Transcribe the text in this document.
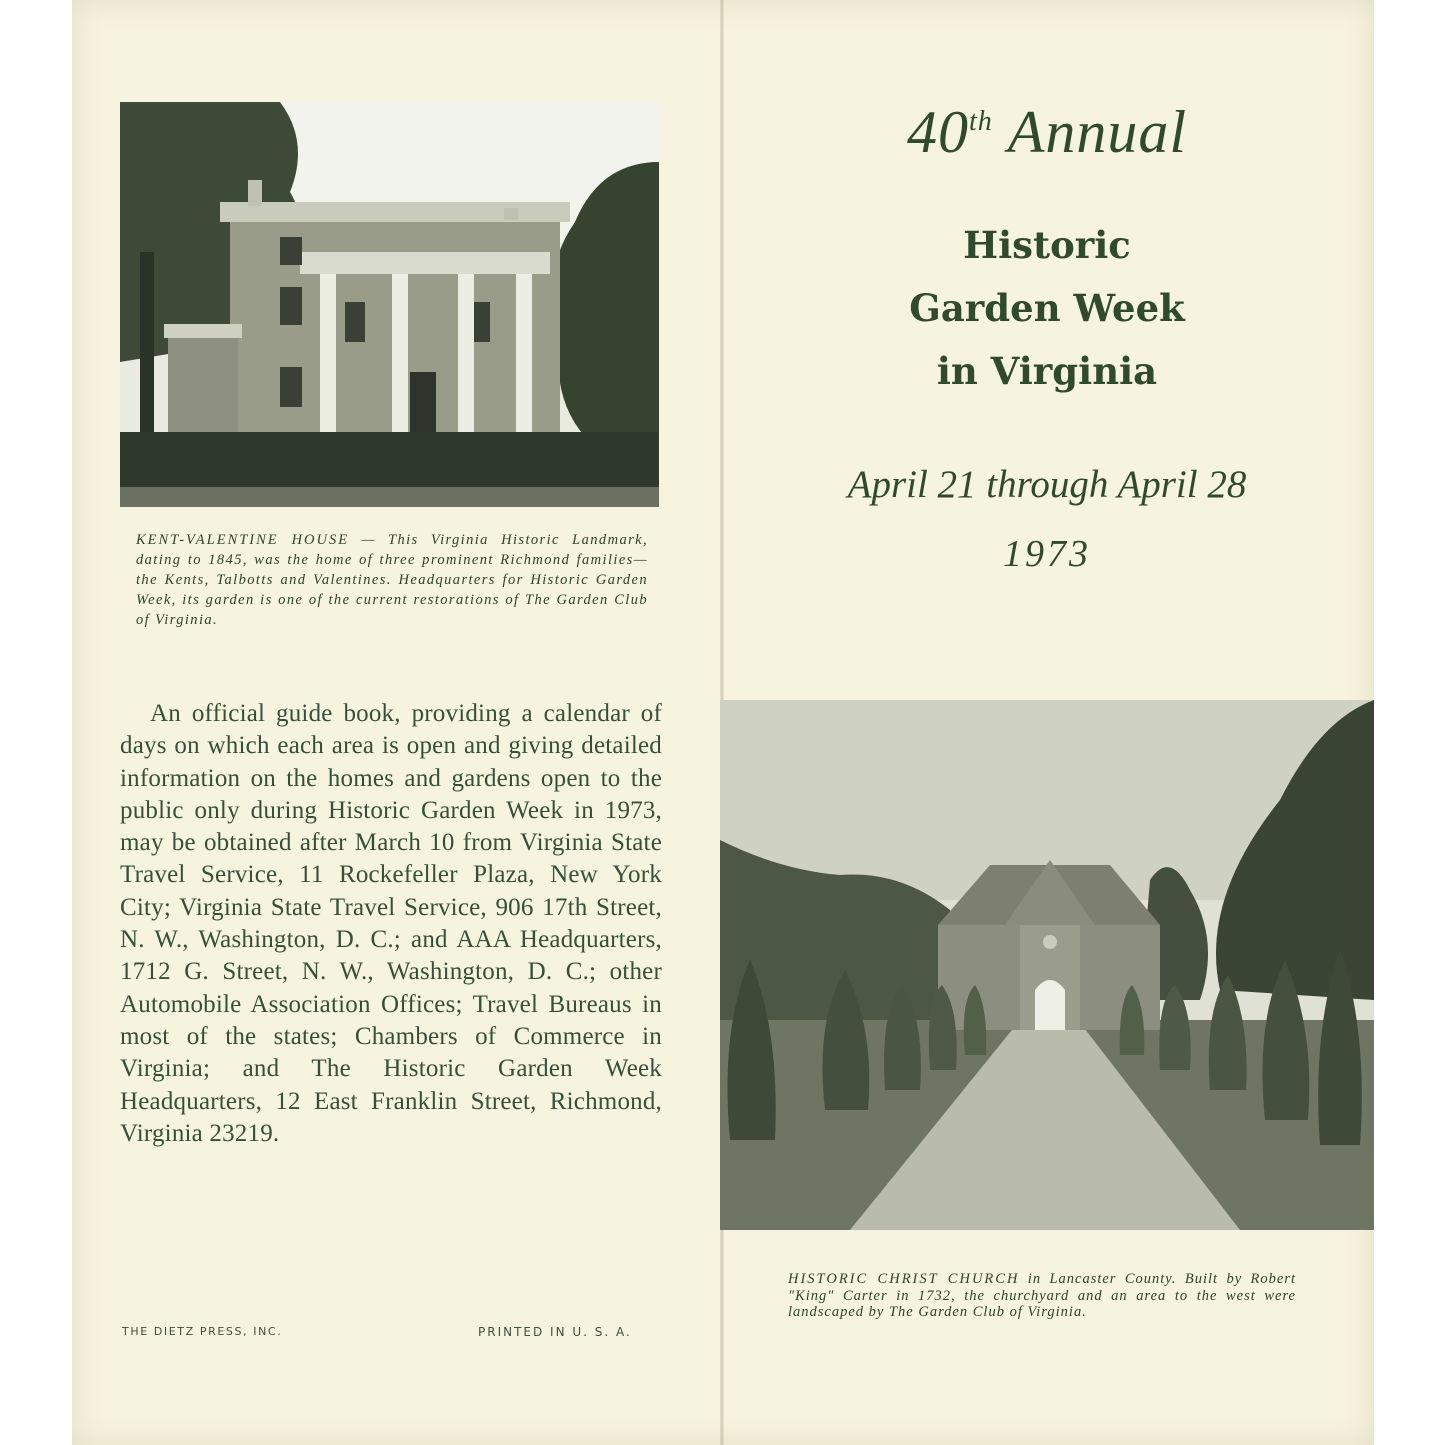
KENT-VALENTINE HOUSE — This Virginia Historic Landmark, dating to 1845, was the home of three prominent Richmond families—the Kents, Talbotts and Valentines. Headquarters for Historic Garden Week, its garden is one of the current restorations of The Garden Club of Virginia.

An official guide book, providing a calendar of days on which each area is open and giving detailed information on the homes and gardens open to the public only during Historic Garden Week in 1973, may be obtained after March 10 from Virginia State Travel Service, 11 Rockefeller Plaza, New York City; Virginia State Travel Service, 906 17th Street, N. W., Washington, D. C.; and AAA Headquarters, 1712 G. Street, N. W., Washington, D. C.; other Automobile Association Offices; Travel Bureaus in most of the states; Chambers of Commerce in Virginia; and The Historic Garden Week Headquarters, 12 East Franklin Street, Richmond, Virginia 23219.

THE DIETZ PRESS, INC.	PRINTED IN U. S. A.
40th Annual
Historic
Garden Week
in Virginia
April 21 through April 28
1973

HISTORIC CHRIST CHURCH in Lancaster County. Built by Robert "King" Carter in 1732, the churchyard and an area to the west were landscaped by The Garden Club of Virginia.
